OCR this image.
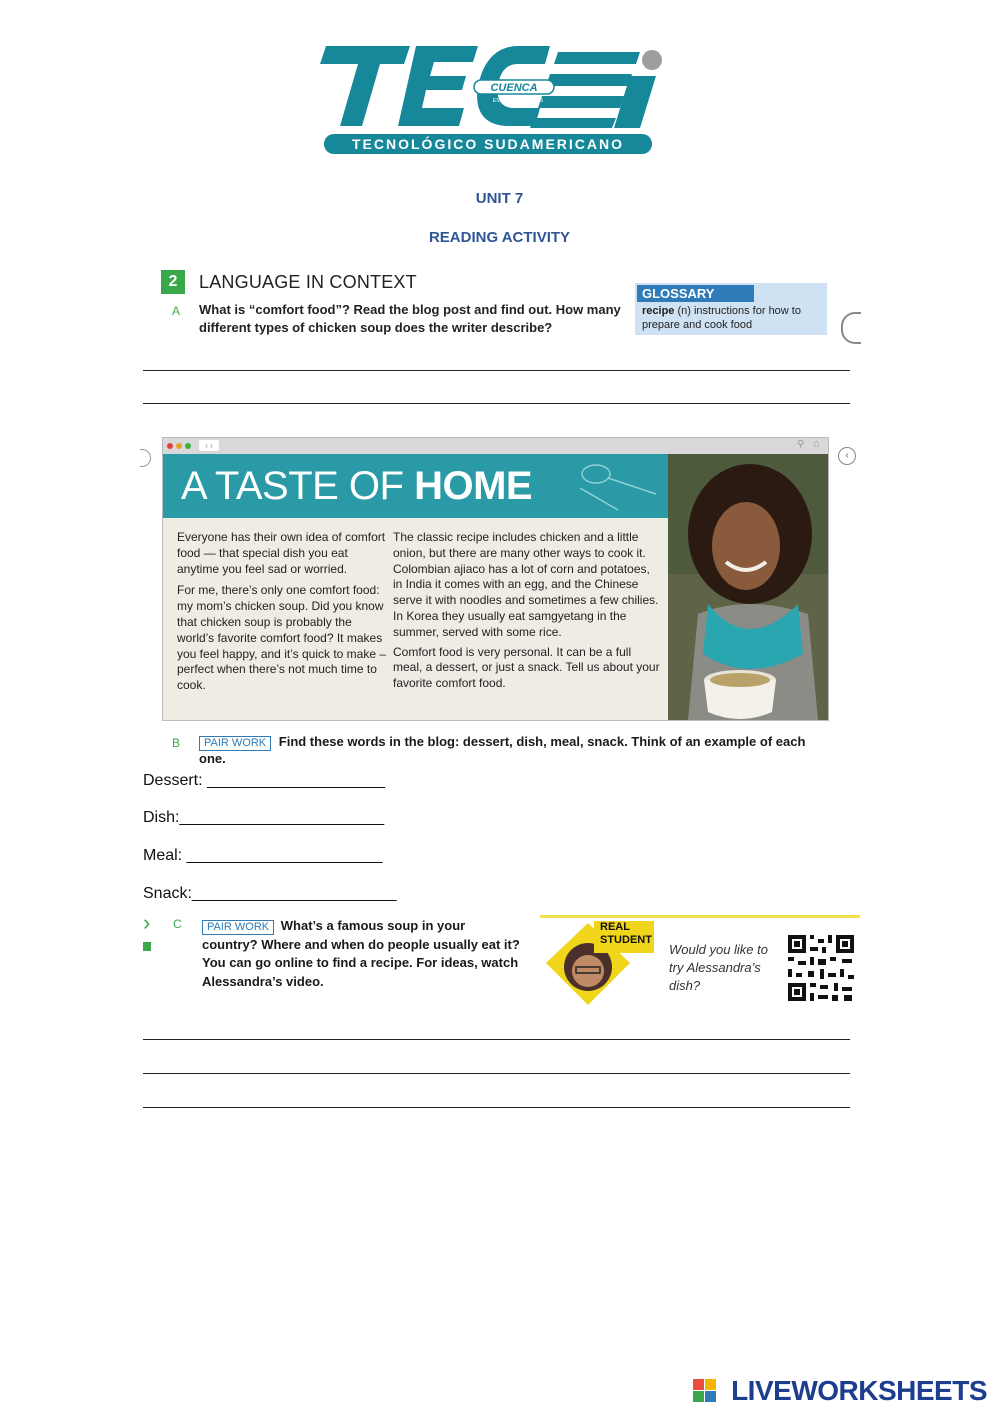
CUENCA
ESTABLECIDO · 1995
TECNOLÓGICO SUDAMERICANO
UNIT 7
READING ACTIVITY
2	LANGUAGE IN CONTEXT
A What is “comfort food”? Read the blog post and find out. How many different types of chicken soup does the writer describe?
GLOSSARY
recipe (n) instructions for how to prepare and cook food
‹ ›	⚲ ⌂
A TASTE OF HOME

Everyone has their own idea of comfort food — that special dish you eat anytime you feel sad or worried.

For me, there’s only one comfort food: my mom’s chicken soup. Did you know that chicken soup is probably the world’s favorite comfort food? It makes you feel happy, and it’s quick to make – perfect when there’s not much time to cook.

The classic recipe includes chicken and a little onion, but there are many other ways to cook it. Colombian ajiaco has a lot of corn and potatoes, in India it comes with an egg, and the Chinese serve it with noodles and sometimes a few chilies. In Korea they usually eat samgyetang in the summer, served with some rice.

Comfort food is very personal. It can be a full meal, a dessert, or just a snack. Tell us about your favorite comfort food.

‹
B	PAIR WORK Find these words in the blog: dessert, dish, meal, snack. Think of an example of each one.
Dessert: ____________________
Dish:_______________________
Meal: ______________________
Snack:_______________________
› C	PAIR WORK What’s a famous soup in your country? Where and when do people usually eat it? You can go online to find a recipe. For ideas, watch Alessandra’s video.
REAL STUDENT
Would you like to try Alessandra’s dish?
LIVEWORKSHEETS
